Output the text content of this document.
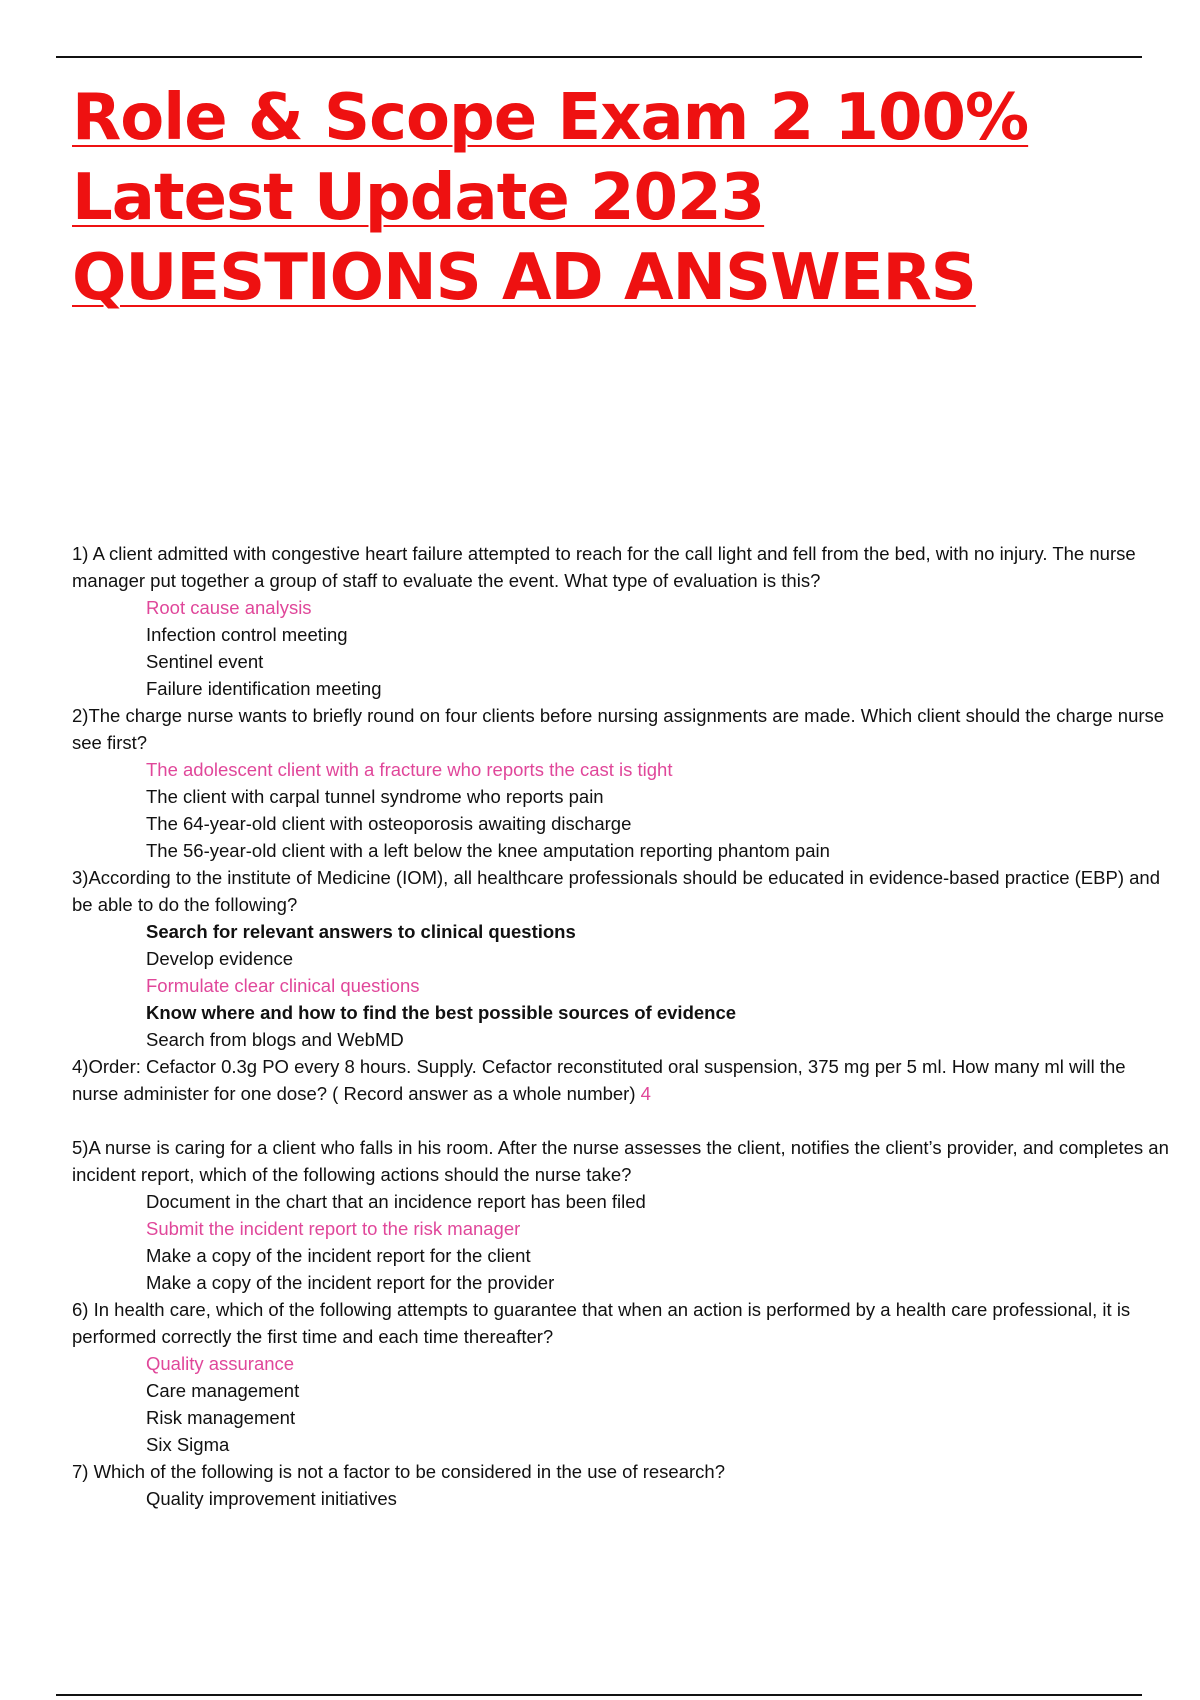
Role & Scope Exam 2 100%
Latest Update 2023
QUESTIONS AD ANSWERS

1) A client admitted with congestive heart failure attempted to reach for the call light and fell from the bed, with no injury. The nurse manager put together a group of staff to evaluate the event. What type of evaluation is this?

Root cause analysis
Infection control meeting
Sentinel event
Failure identification meeting

2)The charge nurse wants to briefly round on four clients before nursing assignments are made. Which client should the charge nurse see first?

The adolescent client with a fracture who reports the cast is tight
The client with carpal tunnel syndrome who reports pain
The 64-year-old client with osteoporosis awaiting discharge
The 56-year-old client with a left below the knee amputation reporting phantom pain

3)According to the institute of Medicine (IOM), all healthcare professionals should be educated in evidence-based practice (EBP) and be able to do the following?

Search for relevant answers to clinical questions
Develop evidence
Formulate clear clinical questions
Know where and how to find the best possible sources of evidence
Search from blogs and WebMD

4)Order: Cefactor 0.3g PO every 8 hours. Supply. Cefactor reconstituted oral suspension, 375 mg per 5 ml. How many ml will the nurse administer for one dose? ( Record answer as a whole number) 4

5)A nurse is caring for a client who falls in his room. After the nurse assesses the client, notifies the client’s provider, and completes an incident report, which of the following actions should the nurse take?

Document in the chart that an incidence report has been filed
Submit the incident report to the risk manager
Make a copy of the incident report for the client
Make a copy of the incident report for the provider

6) In health care, which of the following attempts to guarantee that when an action is performed by a health care professional, it is performed correctly the first time and each time thereafter?

Quality assurance
Care management
Risk management
Six Sigma

7) Which of the following is not a factor to be considered in the use of research?

Quality improvement initiatives
